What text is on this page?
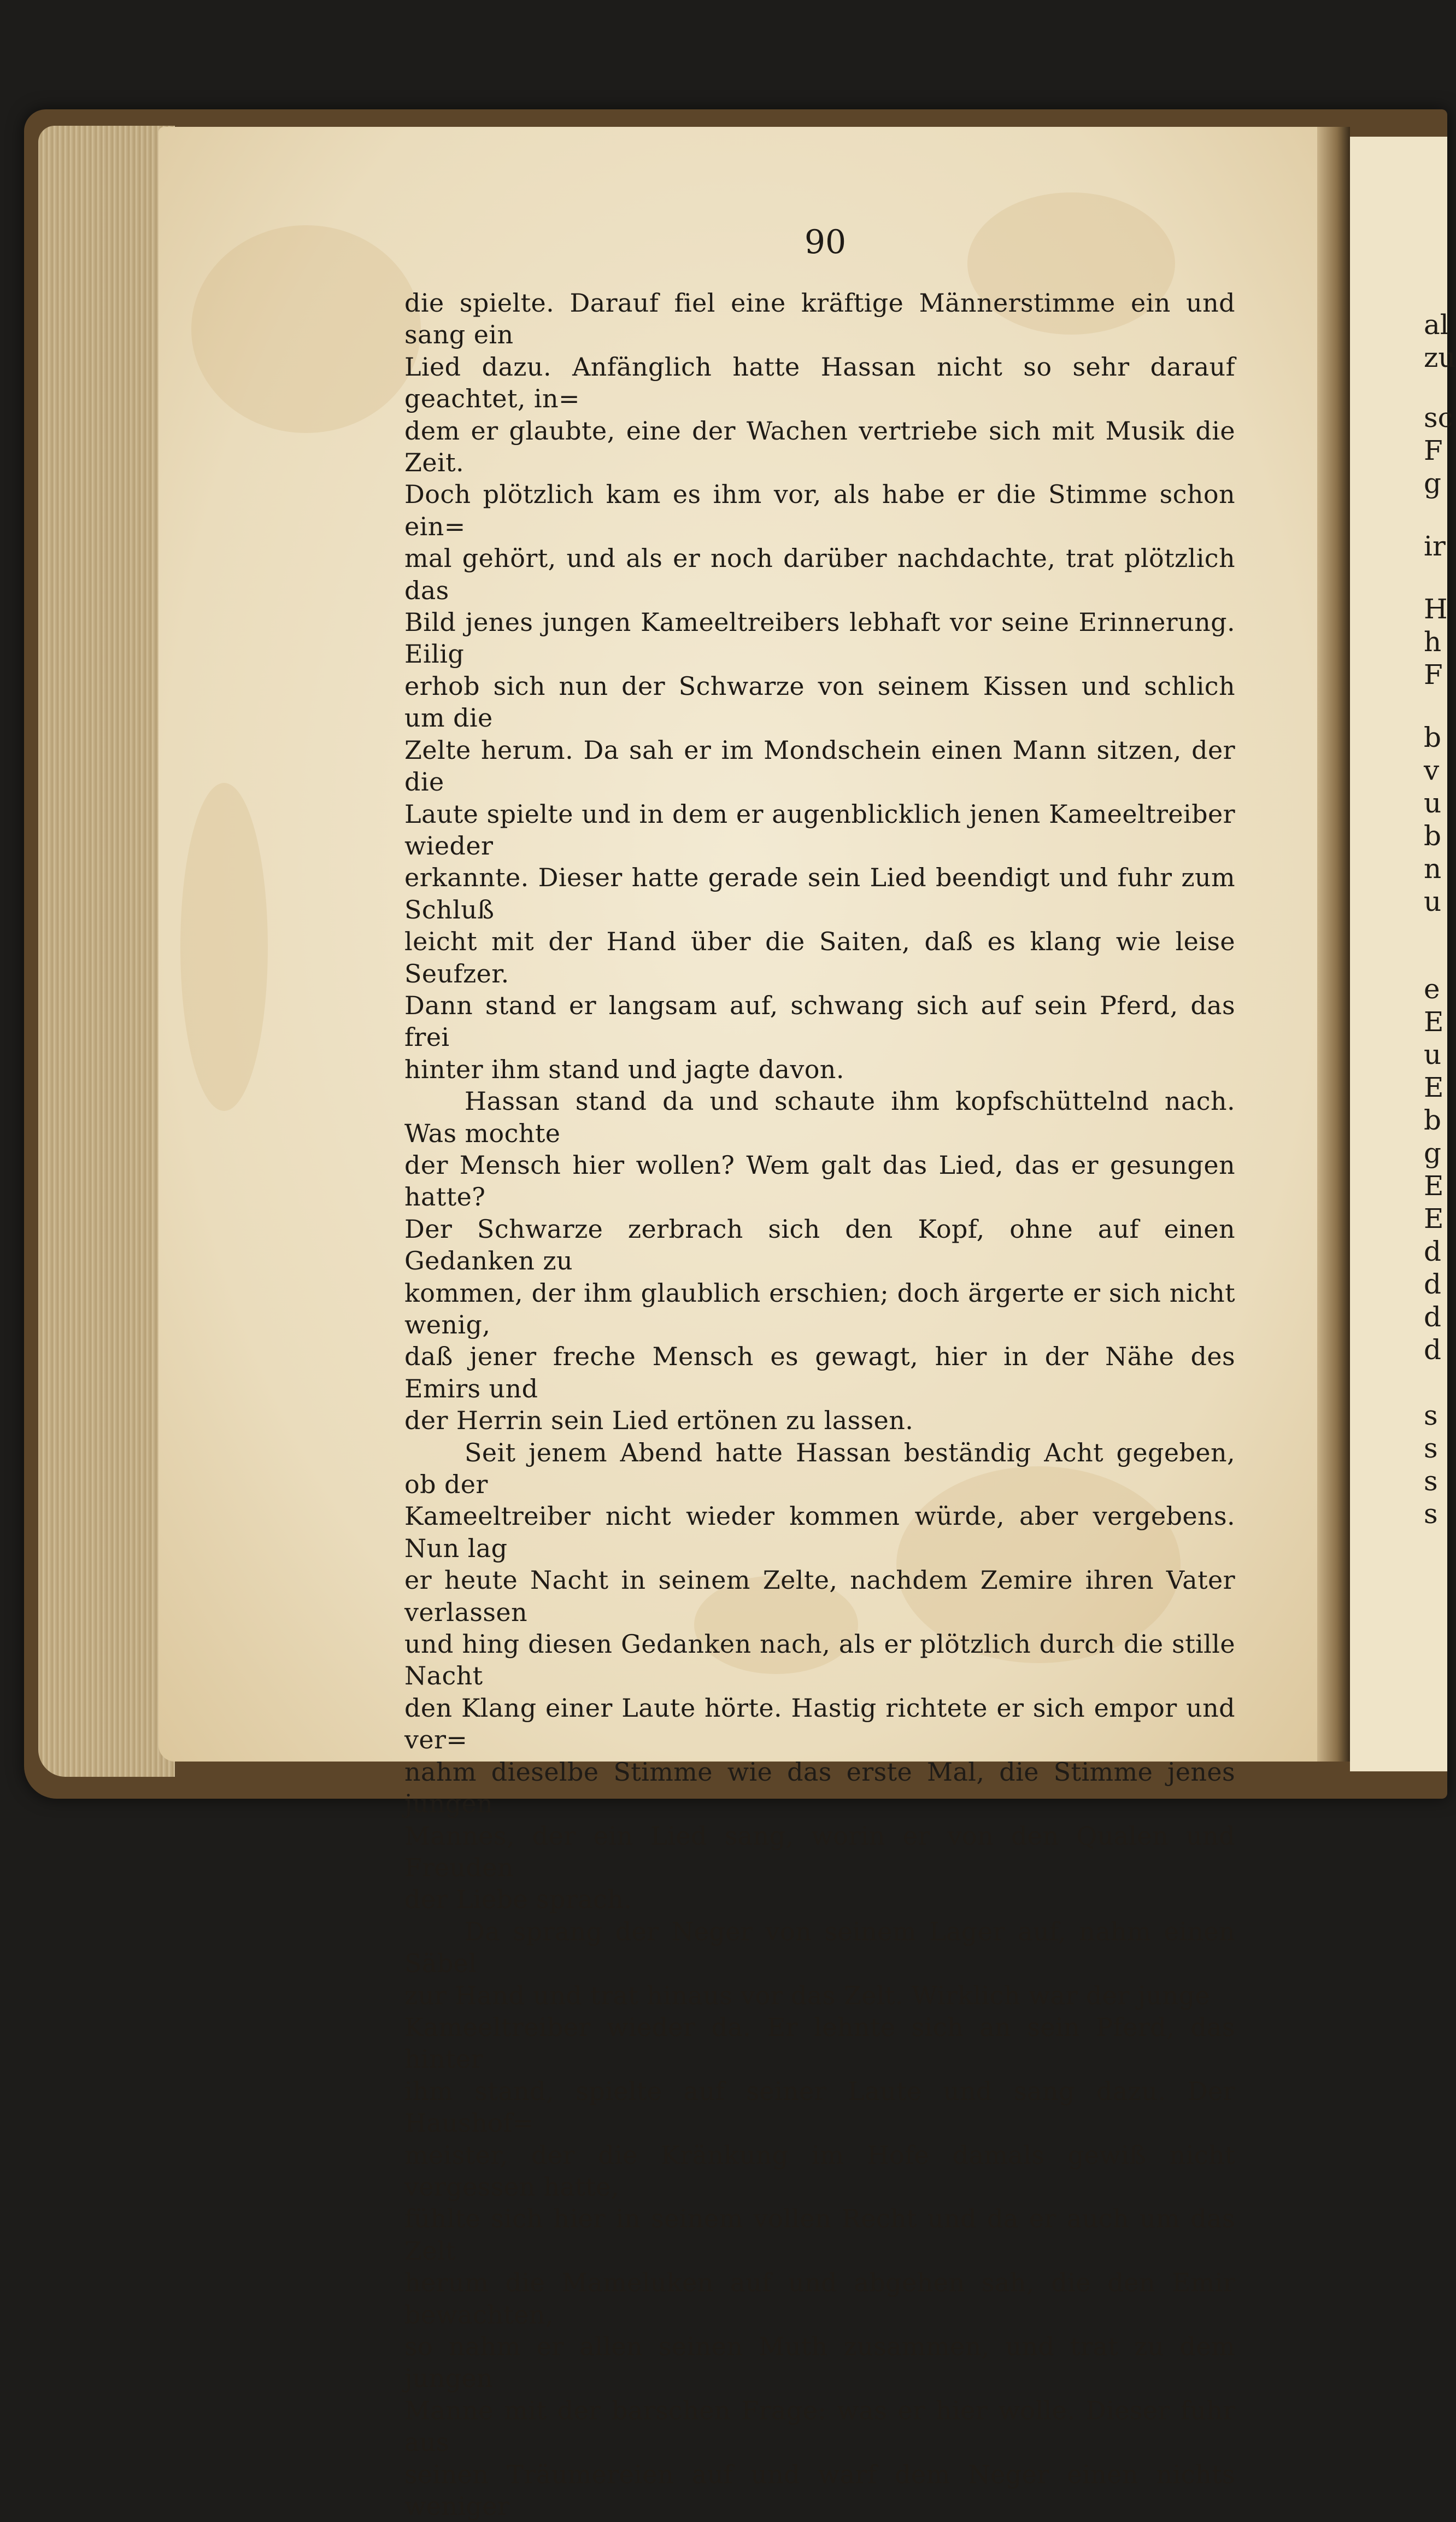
al
zu
sc
F
g
ir
H
h
F
b
v
u
b
n
u
e
E
u
E
b
g
E
E
d
d
d
d
s
s
s
s
90

die spielte. Darauf fiel eine kräftige Männerstimme ein und sang ein
Lied dazu. Anfänglich hatte Hassan nicht so sehr darauf geachtet, in=
dem er glaubte, eine der Wachen vertriebe sich mit Musik die Zeit.
Doch plötzlich kam es ihm vor, als habe er die Stimme schon ein=
mal gehört, und als er noch darüber nachdachte, trat plötzlich das
Bild jenes jungen Kameeltreibers lebhaft vor seine Erinnerung. Eilig
erhob sich nun der Schwarze von seinem Kissen und schlich um die
Zelte herum. Da sah er im Mondschein einen Mann sitzen, der die
Laute spielte und in dem er augenblicklich jenen Kameeltreiber wieder
erkannte. Dieser hatte gerade sein Lied beendigt und fuhr zum Schluß
leicht mit der Hand über die Saiten, daß es klang wie leise Seufzer.
Dann stand er langsam auf, schwang sich auf sein Pferd, das frei
hinter ihm stand und jagte davon.

Hassan stand da und schaute ihm kopfschüttelnd nach. Was mochte
der Mensch hier wollen? Wem galt das Lied, das er gesungen hatte?
Der Schwarze zerbrach sich den Kopf, ohne auf einen Gedanken zu
kommen, der ihm glaublich erschien; doch ärgerte er sich nicht wenig,
daß jener freche Mensch es gewagt, hier in der Nähe des Emirs und
der Herrin sein Lied ertönen zu lassen.

Seit jenem Abend hatte Hassan beständig Acht gegeben, ob der
Kameeltreiber nicht wieder kommen würde, aber vergebens. Nun lag
er heute Nacht in seinem Zelte, nachdem Zemire ihren Vater verlassen
und hing diesen Gedanken nach, als er plötzlich durch die stille Nacht
den Klang einer Laute hörte. Hastig richtete er sich empor und ver=
nahm dieselbe Stimme wie das erste Mal, die Stimme jenes jungen
Mannes, der ein Lied sang, worin er von den Qualen und Freuden
der Liebe sprach.

Da sprang der Neger von seinem Lager auf, nahm einen Säbel
zur Hand und trat hinaus vor das Zelt. Wirklich war der junge
Kameeltreiber wieder da. Er lehnte sich an sein Pferd, das hinter
ihm stand, spielte auf seiner Laute und sang dazu. Der Haushof=
meister, der die Kränkung im Hofe damals gewiß nicht vergessen hatte,
fühlte sich hier in seinem vollen Recht und da er auch um das Zelt
herum die Mameluken auf und abgehen sah, die den Emir bewachten,
so nahm er allen seinen Muth zusammen, und trat zu dem jungen
Manne mit der barschen Frage: was er hier wolle. Dieser fuhr aus
seinen Träumereien auf und warf dem Neger einen nichts weniger
